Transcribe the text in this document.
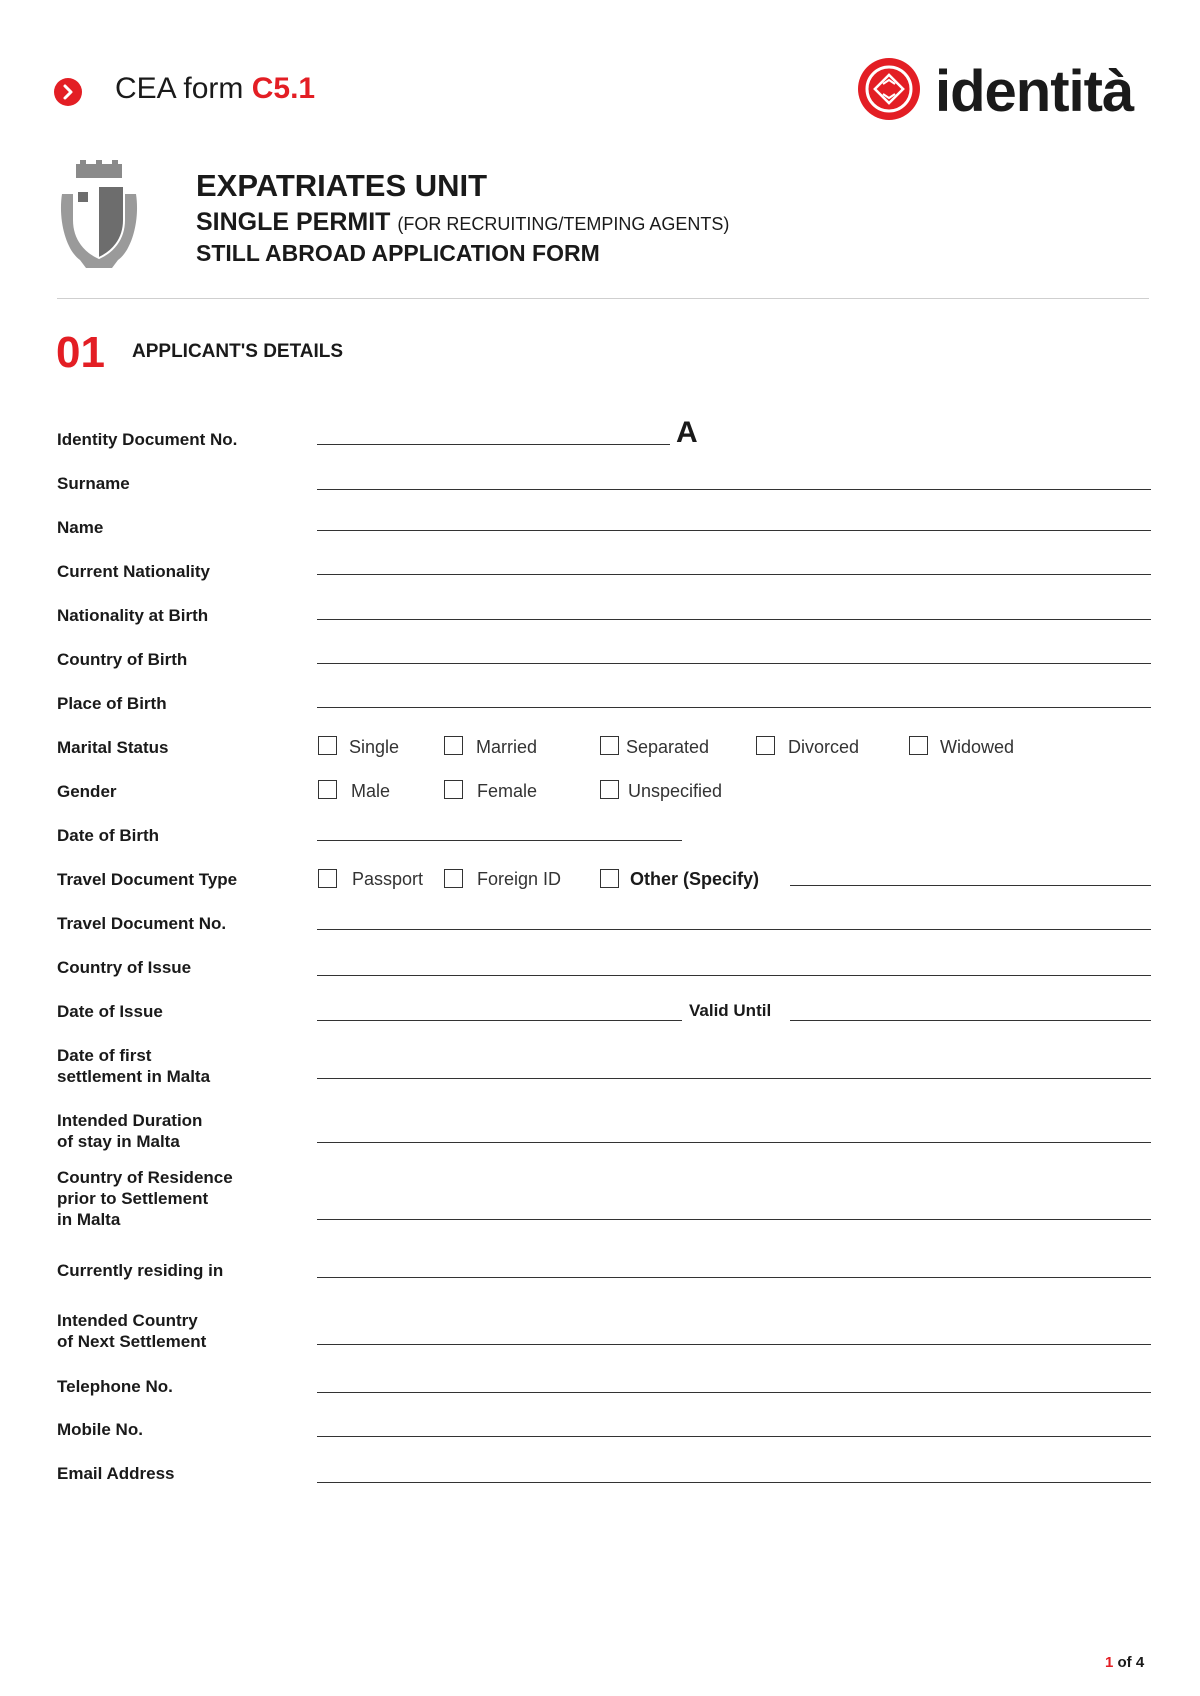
CEA form C5.1	identità
EXPATRIATES UNIT
SINGLE PERMIT (FOR RECRUITING/TEMPING AGENTS)
STILL ABROAD APPLICATION FORM
01 APPLICANT'S DETAILS
Identity Document No.	A
Surname
Name
Current Nationality
Nationality at Birth
Country of Birth
Place of Birth
Marital Status	Single	Married	Separated	Divorced	Widowed
Gender	Male	Female	Unspecified
Date of Birth
Travel Document Type	Passport	Foreign ID	Other (Specify)
Travel Document No.
Country of Issue
Date of Issue	Valid Until
Date of first
settlement in Malta
Intended Duration
of stay in Malta
Country of Residence
prior to Settlement
in Malta
Currently residing in
Intended Country
of Next Settlement
Telephone No.
Mobile No.
Email Address
1 of 4
